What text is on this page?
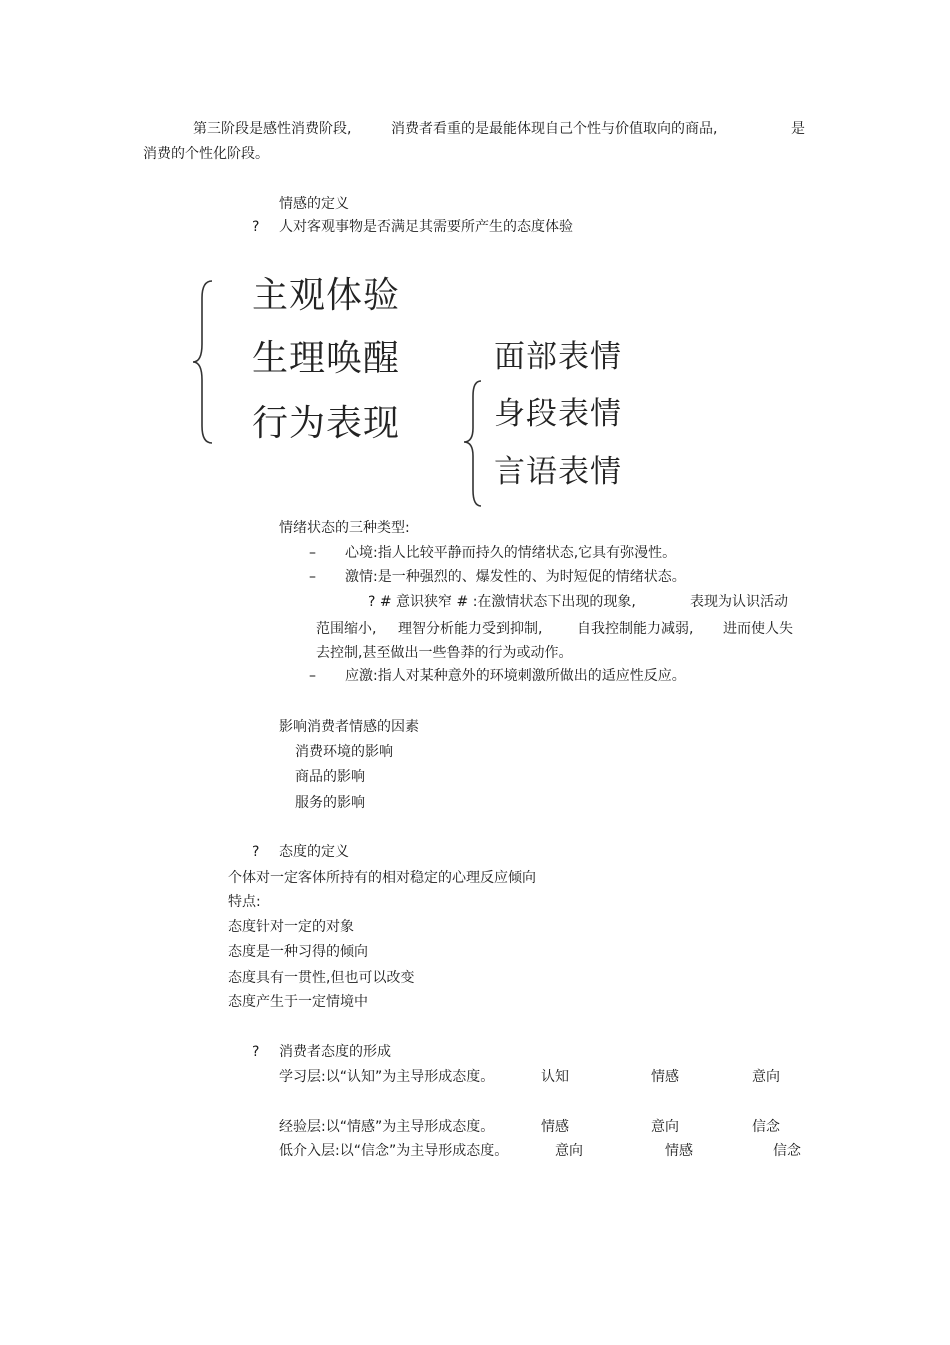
第三阶段是感性消费阶段,	消费者看重的是最能体现自己个性与价值取向的商品,	是
消费的个性化阶段。
情感的定义
? 人对客观事物是否满足其需要所产生的态度体验
主观体验
生理唤醒
行为表现
面部表情
身段表情
言语表情
情绪状态的三种类型:
– 心境:指人比较平静而持久的情绪状态,它具有弥漫性。
– 激情:是一种强烈的、爆发性的、为时短促的情绪状态。
? # 意识狭窄 # :在激情状态下出现的现象,	表现为认识活动
范围缩小, 理智分析能力受到抑制, 自我控制能力减弱, 进而使人失
去控制,甚至做出一些鲁莽的行为或动作。
– 应激:指人对某种意外的环境刺激所做出的适应性反应。
影响消费者情感的因素
消费环境的影响
商品的影响
服务的影响
? 态度的定义
个体对一定客体所持有的相对稳定的心理反应倾向
特点:
态度针对一定的对象
态度是一种习得的倾向
态度具有一贯性,但也可以改变
态度产生于一定情境中
? 消费者态度的形成
学习层:以“认知”为主导形成态度。	认知	情感	意向
经验层:以“情感”为主导形成态度。	情感	意向	信念
低介入层:以“信念”为主导形成态度。	意向	情感	信念
